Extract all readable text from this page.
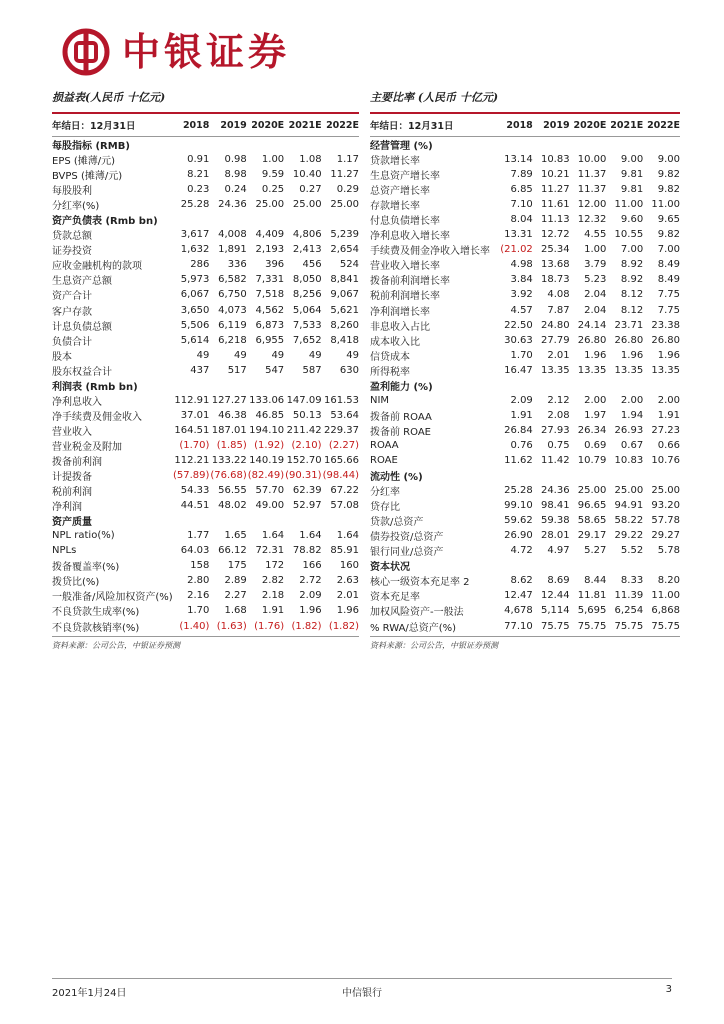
中银证券
损益表(人民币 十亿元)
年结日：12月31日	2018	2019	2020E	2021E	2022E
每股指标 (RMB)					
EPS (摊薄/元)	0.91	0.98	1.00	1.08	1.17
BVPS (摊薄/元)	8.21	8.98	9.59	10.40	11.27
每股股利	0.23	0.24	0.25	0.27	0.29
分红率(%)	25.28	24.36	25.00	25.00	25.00
资产负债表 (Rmb bn)					
贷款总额	3,617	4,008	4,409	4,806	5,239
证券投资	1,632	1,891	2,193	2,413	2,654
应收金融机构的款项	286	336	396	456	524
生息资产总额	5,973	6,582	7,331	8,050	8,841
资产合计	6,067	6,750	7,518	8,256	9,067
客户存款	3,650	4,073	4,562	5,064	5,621
计息负债总额	5,506	6,119	6,873	7,533	8,260
负债合计	5,614	6,218	6,955	7,652	8,418
股本	49	49	49	49	49
股东权益合计	437	517	547	587	630
利润表 (Rmb bn)					
净利息收入	112.91	127.27	133.06	147.09	161.53
净手续费及佣金收入	37.01	46.38	46.85	50.13	53.64
营业收入	164.51	187.01	194.10	211.42	229.37
营业税金及附加	(1.70)	(1.85)	(1.92)	(2.10)	(2.27)
拨备前利润	112.21	133.22	140.19	152.70	165.66
计提拨备	(57.89)	(76.68)	(82.49)	(90.31)	(98.44)
税前利润	54.33	56.55	57.70	62.39	67.22
净利润	44.51	48.02	49.00	52.97	57.08
资产质量					
NPL ratio(%)	1.77	1.65	1.64	1.64	1.64
NPLs	64.03	66.12	72.31	78.82	85.91
拨备覆盖率(%)	158	175	172	166	160
拨贷比(%)	2.80	2.89	2.82	2.72	2.63
一般准备/风险加权资产(%)	2.16	2.27	2.18	2.09	2.01
不良贷款生成率(%)	1.70	1.68	1.91	1.96	1.96
不良贷款核销率(%)	(1.40)	(1.63)	(1.76)	(1.82)	(1.82)
资料来源：公司公告，中银证券预测
主要比率 (人民币 十亿元)
年结日：12月31日	2018	2019	2020E	2021E	2022E
经营管理 (%)					
贷款增长率	13.14	10.83	10.00	9.00	9.00
生息资产增长率	7.89	10.21	11.37	9.81	9.82
总资产增长率	6.85	11.27	11.37	9.81	9.82
存款增长率	7.10	11.61	12.00	11.00	11.00
付息负债增长率	8.04	11.13	12.32	9.60	9.65
净利息收入增长率	13.31	12.72	4.55	10.55	9.82
手续费及佣金净收入增长率	(21.02	25.34	1.00	7.00	7.00
营业收入增长率	4.98	13.68	3.79	8.92	8.49
拨备前利润增长率	3.84	18.73	5.23	8.92	8.49
税前利润增长率	3.92	4.08	2.04	8.12	7.75
净利润增长率	4.57	7.87	2.04	8.12	7.75
非息收入占比	22.50	24.80	24.14	23.71	23.38
成本收入比	30.63	27.79	26.80	26.80	26.80
信贷成本	1.70	2.01	1.96	1.96	1.96
所得税率	16.47	13.35	13.35	13.35	13.35
盈利能力 (%)					
NIM	2.09	2.12	2.00	2.00	2.00
拨备前 ROAA	1.91	2.08	1.97	1.94	1.91
拨备前 ROAE	26.84	27.93	26.34	26.93	27.23
ROAA	0.76	0.75	0.69	0.67	0.66
ROAE	11.62	11.42	10.79	10.83	10.76
流动性 (%)					
分红率	25.28	24.36	25.00	25.00	25.00
贷存比	99.10	98.41	96.65	94.91	93.20
贷款/总资产	59.62	59.38	58.65	58.22	57.78
债券投资/总资产	26.90	28.01	29.17	29.22	29.27
银行同业/总资产	4.72	4.97	5.27	5.52	5.78
资本状况					
核心一级资本充足率 2	8.62	8.69	8.44	8.33	8.20
资本充足率	12.47	12.44	11.81	11.39	11.00
加权风险资产-一般法	4,678	5,114	5,695	6,254	6,868
% RWA/总资产(%)	77.10	75.75	75.75	75.75	75.75
资料来源：公司公告，中银证券预测
2021年1月24日	中信银行	3
